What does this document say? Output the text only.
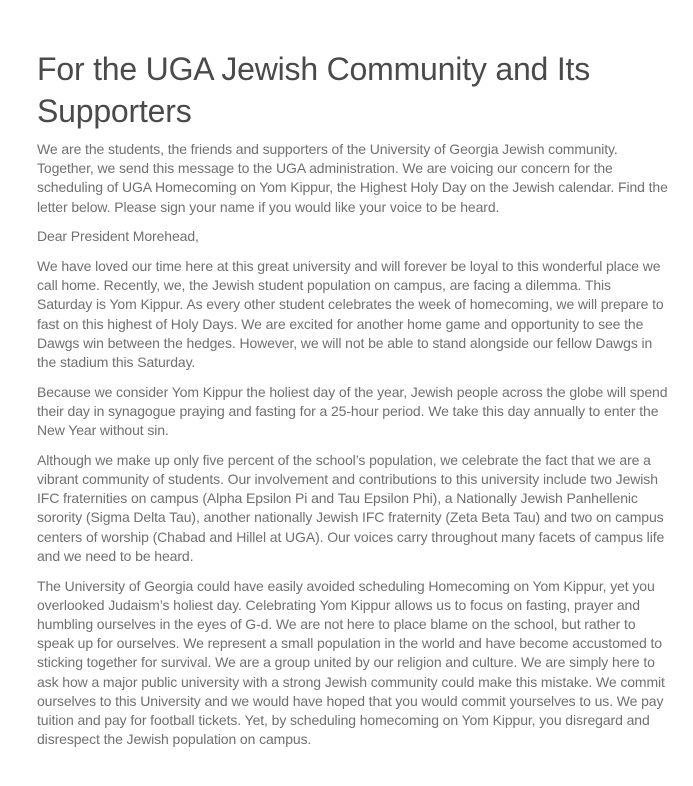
For the UGA Jewish Community and Its Supporters

We are the students, the friends and supporters of the University of Georgia Jewish community. Together, we send this message to the UGA administration. We are voicing our concern for the scheduling of UGA Homecoming on Yom Kippur, the Highest Holy Day on the Jewish calendar. Find the letter below. Please sign your name if you would like your voice to be heard.

Dear President Morehead,

We have loved our time here at this great university and will forever be loyal to this wonderful place we call home. Recently, we, the Jewish student population on campus, are facing a dilemma. This Saturday is Yom Kippur. As every other student celebrates the week of homecoming, we will prepare to fast on this highest of Holy Days. We are excited for another home game and opportunity to see the Dawgs win between the hedges. However, we will not be able to stand alongside our fellow Dawgs in the stadium this Saturday.

Because we consider Yom Kippur the holiest day of the year, Jewish people across the globe will spend their day in synagogue praying and fasting for a 25-hour period. We take this day annually to enter the New Year without sin.

Although we make up only five percent of the school’s population, we celebrate the fact that we are a vibrant community of students. Our involvement and contributions to this university include two Jewish IFC fraternities on campus (Alpha Epsilon Pi and Tau Epsilon Phi), a Nationally Jewish Panhellenic sorority (Sigma Delta Tau), another nationally Jewish IFC fraternity (Zeta Beta Tau) and two on campus centers of worship (Chabad and Hillel at UGA). Our voices carry throughout many facets of campus life and we need to be heard.

The University of Georgia could have easily avoided scheduling Homecoming on Yom Kippur, yet you overlooked Judaism’s holiest day. Celebrating Yom Kippur allows us to focus on fasting, prayer and humbling ourselves in the eyes of G-d. We are not here to place blame on the school, but rather to speak up for ourselves. We represent a small population in the world and have become accustomed to sticking together for survival. We are a group united by our religion and culture. We are simply here to ask how a major public university with a strong Jewish community could make this mistake. We commit ourselves to this University and we would have hoped that you would commit yourselves to us. We pay tuition and pay for football tickets. Yet, by scheduling homecoming on Yom Kippur, you disregard and disrespect the Jewish population on campus.
